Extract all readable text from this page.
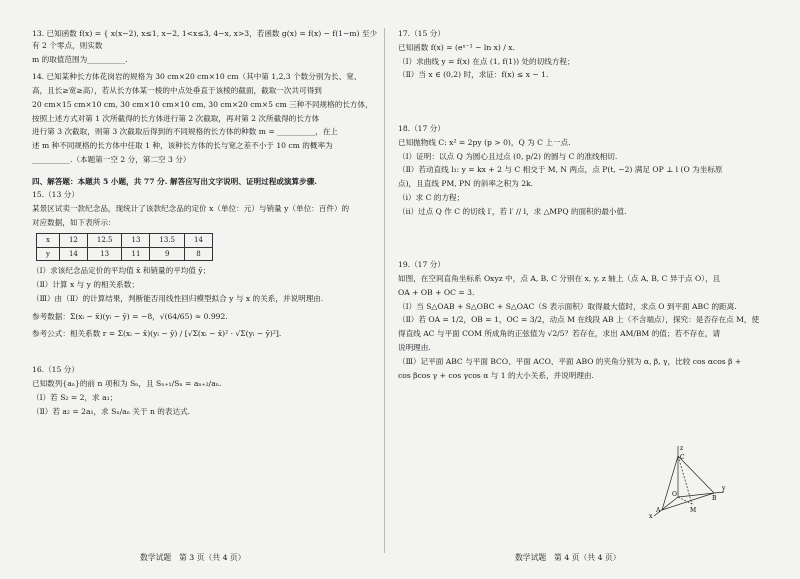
13. 已知函数 f(x) = { x(x−2), x≤1, x−2, 1<x≤3, 4−x, x>3，若函数 g(x) = f(x) − f(1−m) 至少有 2 个零点，则实数

m 的取值范围为__________.

14. 已知某种长方体花岗岩的规格为 30 cm×20 cm×10 cm（其中第 1,2,3 个数分别为长、宽、

高，且长≥宽≥高），若从长方体某一棱的中点处垂直于该棱的截面，截取一次共可得到

20 cm×15 cm×10 cm, 30 cm×10 cm×10 cm, 30 cm×20 cm×5 cm 三种不同规格的长方体，

按照上述方式对第 1 次所截得的长方体进行第 2 次截取，再对第 2 次所截得的长方体

进行第 3 次截取，则第 3 次截取后得到的不同规格的长方体的种数 m = __________，在上

述 m 种不同规格的长方体中任取 1 种，该种长方体的长与宽之差不小于 10 cm 的概率为

__________.（本题第一空 2 分，第二空 3 分）

四、解答题：本题共 5 小题，共 77 分. 解答应写出文字说明、证明过程或演算步骤.

15.（13 分）

某景区试卖一款纪念品，现统计了该款纪念品的定价 x（单位：元）与销量 y（单位：百件）的

对应数据，如下表所示：

x	12	12.5	13	13.5	14
y	14	13	11	9	8

（Ⅰ）求该纪念品定价的平均值 x̄ 和销量的平均值 ȳ；

（Ⅱ）计算 x 与 y 的相关系数；

（Ⅲ）由（Ⅱ）的计算结果，判断能否用线性回归模型拟合 y 与 x 的关系，并说明理由.

参考数据：Σ(xᵢ − x̄)(yᵢ − ȳ) = −8，√(64/65) ≈ 0.992.

参考公式：相关系数 r = Σ(xᵢ − x̄)(yᵢ − ȳ) / [√Σ(xᵢ − x̄)² · √Σ(yᵢ − ȳ)²].

16.（15 分）

已知数列{aₙ}的前 n 项和为 Sₙ，且 Sₙ₊₁/Sₙ = aₙ₊₂/aₙ.

（Ⅰ）若 S₂ = 2，求 a₁；

（Ⅱ）若 a₂ = 2a₁，求 Sₙ/aₙ 关于 n 的表达式.

17.（15 分）

已知函数 f(x) = (eˣ⁻¹ − ln x) / x.

（Ⅰ）求曲线 y = f(x) 在点 (1, f(1)) 处的切线方程；

（Ⅱ）当 x ∈ (0,2) 时，求证：f(x) ≤ x − 1.

18.（17 分）

已知抛物线 C: x² = 2py (p > 0)，Q 为 C 上一点.

（Ⅰ）证明：以点 Q 为圆心且过点 (0, p/2) 的圆与 C 的准线相切.

（Ⅱ）若动直线 l₁: y = kx + 2 与 C 相交于 M, N 两点，点 P(t, −2) 满足 OP ⊥ l (O 为坐标原

点)，且直线 PM, PN 的斜率之积为 2k.

（ⅰ）求 C 的方程；

（ⅱ）过点 Q 作 C 的切线 l′，若 l′ // l，求 △MPQ 的面积的最小值.

19.（17 分）

如图，在空间直角坐标系 Oxyz 中，点 A, B, C 分别在 x, y, z 轴上（点 A, B, C 异于点 O），且

OA + OB + OC = 3.

（Ⅰ）当 S△OAB + S△OBC + S△OAC（S 表示面积）取得最大值时，求点 O 到平面 ABC 的距离.

（Ⅱ）若 OA = 1/2，OB = 1，OC = 3/2，动点 M 在线段 AB 上（不含端点），探究：是否存在点 M，使

得直线 AC 与平面 COM 所成角的正弦值为 √2/5？若存在，求出 AM/BM 的值；若不存在，请

说明理由.

（Ⅲ）记平面 ABC 与平面 BCO、平面 ACO、平面 ABO 的夹角分别为 α, β, γ，比较 cos αcos β +

cos βcos γ + cos γcos α 与 1 的大小关系，并说明理由.

z
C
x
y
O
A
B
M
数学试题　第 3 页（共 4 页）	数学试题　第 4 页（共 4 页）
